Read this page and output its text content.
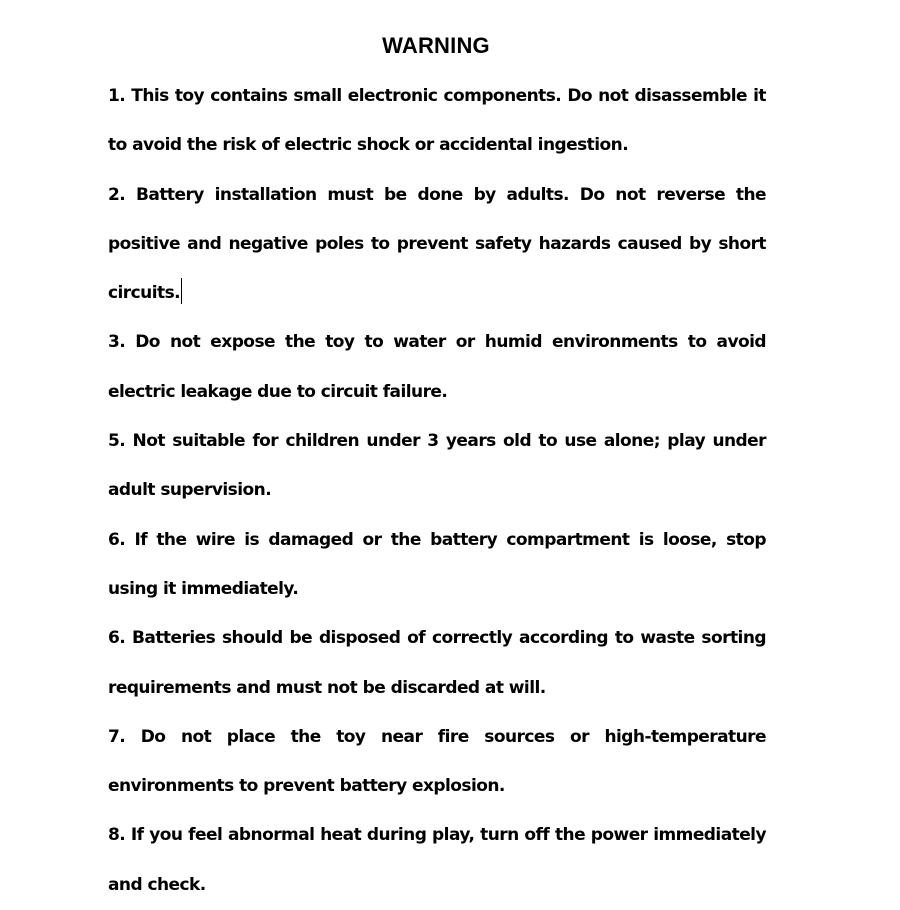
WARNING

1. This toy contains small electronic components. Do not disassemble it to avoid the risk of electric shock or accidental ingestion.

2. Battery installation must be done by adults. Do not reverse the positive and negative poles to prevent safety hazards caused by short circuits.

3. Do not expose the toy to water or humid environments to avoid electric leakage due to circuit failure.

5. Not suitable for children under 3 years old to use alone; play under adult supervision.

6. If the wire is damaged or the battery compartment is loose, stop using it immediately.

6. Batteries should be disposed of correctly according to waste sorting requirements and must not be discarded at will.

7. Do not place the toy near fire sources or high-temperature environments to prevent battery explosion.

8. If you feel abnormal heat during play, turn off the power immediately and check.
